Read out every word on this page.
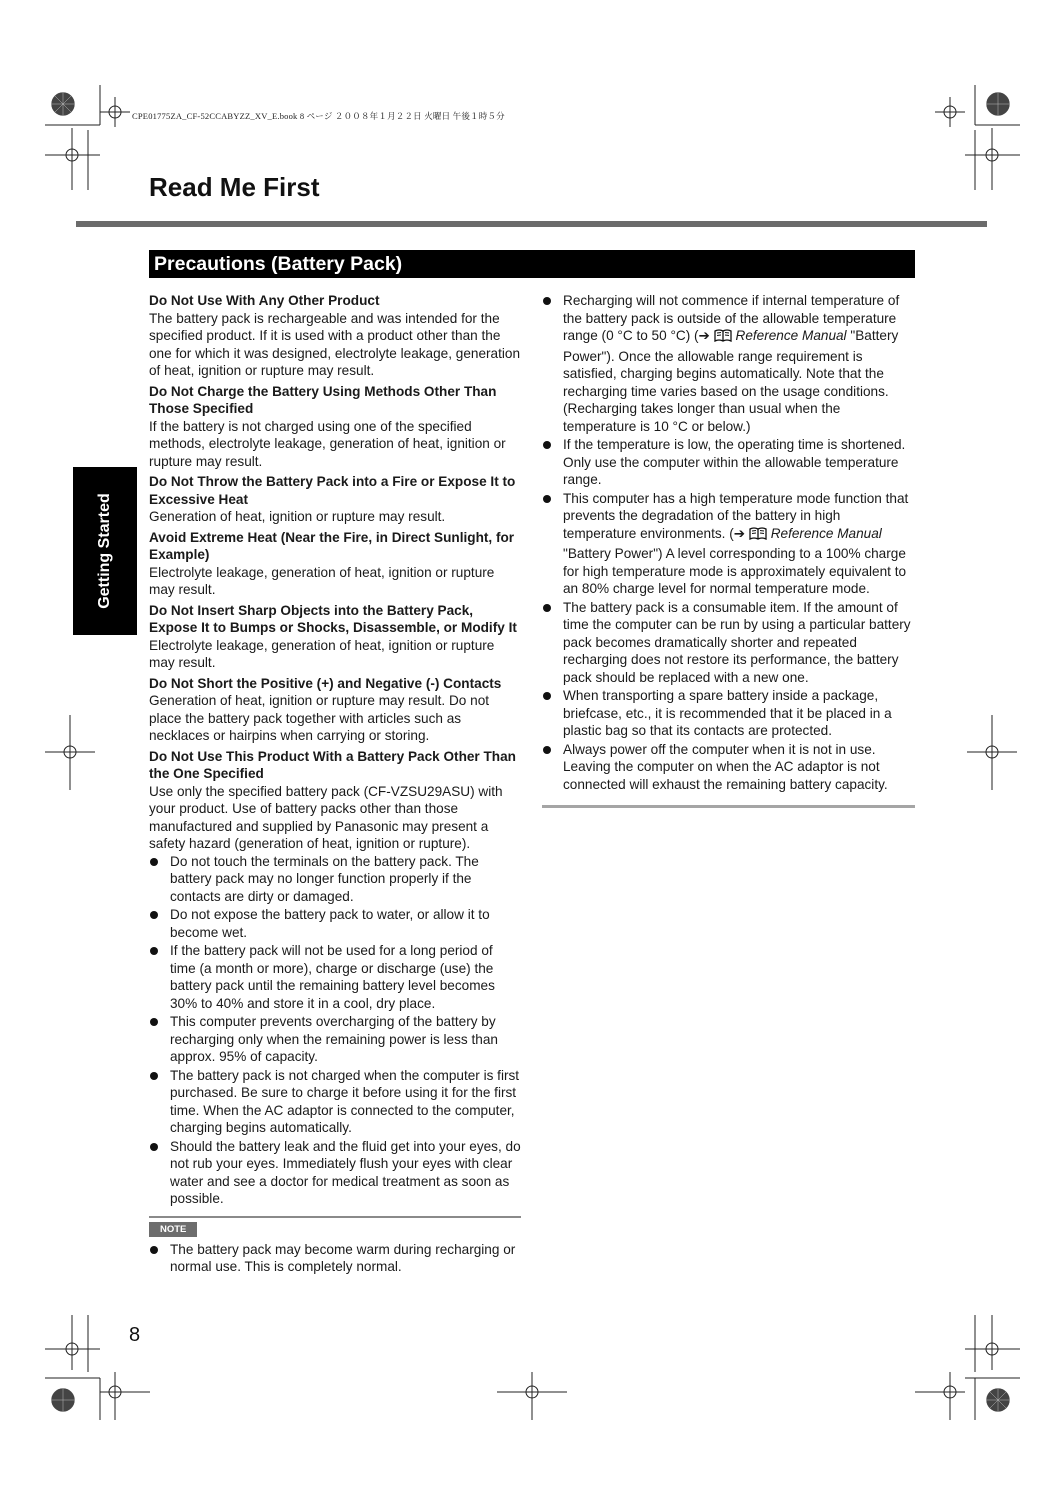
CPE01775ZA_CF-52CCABYZZ_XV_E.book 8 ページ ２００８年１月２２日 火曜日 午後１時５分
Read Me First
Precautions (Battery Pack)
Getting Started

Do Not Use With Any Other Product

The battery pack is rechargeable and was intended for the specified product. If it is used with a product other than the one for which it was designed, electrolyte leakage, generation of heat, ignition or rupture may result.

Do Not Charge the Battery Using Methods Other Than Those Specified

If the battery is not charged using one of the specified methods, electrolyte leakage, generation of heat, ignition or rupture may result.

Do Not Throw the Battery Pack into a Fire or Expose It to Excessive Heat

Generation of heat, ignition or rupture may result.

Avoid Extreme Heat (Near the Fire, in Direct Sunlight, for Example)

Electrolyte leakage, generation of heat, ignition or rupture may result.

Do Not Insert Sharp Objects into the Battery Pack, Expose It to Bumps or Shocks, Disassemble, or Modify It

Electrolyte leakage, generation of heat, ignition or rupture may result.

Do Not Short the Positive (+) and Negative (-) Contacts

Generation of heat, ignition or rupture may result. Do not place the battery pack together with articles such as necklaces or hairpins when carrying or storing.

Do Not Use This Product With a Battery Pack Other Than the One Specified

Use only the specified battery pack (CF-VZSU29ASU) with your product. Use of battery packs other than those manufactured and supplied by Panasonic may present a safety hazard (generation of heat, ignition or rupture).

Do not touch the terminals on the battery pack. The battery pack may no longer function properly if the contacts are dirty or damaged.
Do not expose the battery pack to water, or allow it to become wet.
If the battery pack will not be used for a long period of time (a month or more), charge or discharge (use) the battery pack until the remaining battery level becomes 30% to 40% and store it in a cool, dry place.
This computer prevents overcharging of the battery by recharging only when the remaining power is less than approx. 95% of capacity.
The battery pack is not charged when the computer is first purchased. Be sure to charge it before using it for the first time. When the AC adaptor is connected to the computer, charging begins automatically.
Should the battery leak and the fluid get into your eyes, do not rub your eyes. Immediately flush your eyes with clear water and see a doctor for medical treatment as soon as possible.
NOTE
The battery pack may become warm during recharging or normal use. This is completely normal.
Recharging will not commence if internal temperature of the battery pack is outside of the allowable temperature range (0 °C to 50 °C) (➔ Reference Manual "Battery Power"). Once the allowable range requirement is satisfied, charging begins automatically. Note that the recharging time varies based on the usage conditions. (Recharging takes longer than usual when the temperature is 10 °C or below.)
If the temperature is low, the operating time is shortened. Only use the computer within the allowable temperature range.
This computer has a high temperature mode function that prevents the degradation of the battery in high temperature environments. (➔ Reference Manual "Battery Power") A level corresponding to a 100% charge for high temperature mode is approximately equivalent to an 80% charge level for normal temperature mode.
The battery pack is a consumable item. If the amount of time the computer can be run by using a particular battery pack becomes dramatically shorter and repeated recharging does not restore its performance, the battery pack should be replaced with a new one.
When transporting a spare battery inside a package, briefcase, etc., it is recommended that it be placed in a plastic bag so that its contacts are protected.
Always power off the computer when it is not in use. Leaving the computer on when the AC adaptor is not connected will exhaust the remaining battery capacity.
8
